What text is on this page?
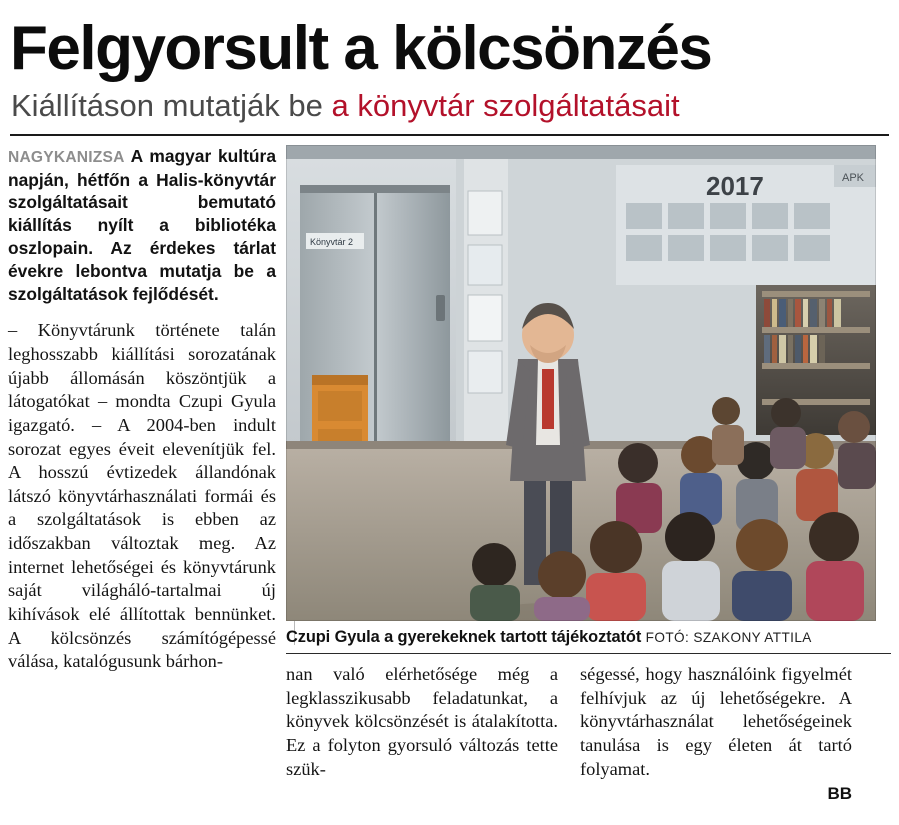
Felgyorsult a kölcsönzés
Kiállításon mutatják be a könyvtár szolgáltatásait

NAGYKANIZSA A magyar kultúra napján, hétfőn a Halis-könyvtár szolgáltatásait bemutató kiállítás nyílt a bibliotéka oszlopain. Az érdekes tárlat évekre lebontva mutatja be a szolgáltatások fejlődését.

– Könyvtárunk története talán leghosszabb kiállítási sorozatának újabb állomásán köszöntjük a látogatókat – mondta Czupi Gyula igazgató. – A 2004-ben indult sorozat egyes éveit elevenítjük fel. A hosszú évtizedek állandónak látszó könyvtárhasználati formái és a szolgáltatások is ebben az időszakban változtak meg. Az internet lehetőségei és könyvtárunk saját világháló-tartalmai új kihívások elé állítottak bennünket. A kölcsönzés számítógépessé válása, katalógusunk bárhon-

Könyvtár 2
2017	APK
Czupi Gyula a gyerekeknek tartott tájékoztatót FOTÓ: SZAKONY ATTILA

nan való elérhetősége még a legklasszikusabb feladatunkat, a könyvek kölcsönzését is átalakította. Ez a folyton gyorsuló változás tette szük-

ségessé, hogy használóink figyelmét felhívjuk az új lehetőségekre. A könyvtárhasználat lehetőségeinek tanulása is egy életen át tartó folyamat.

BB
